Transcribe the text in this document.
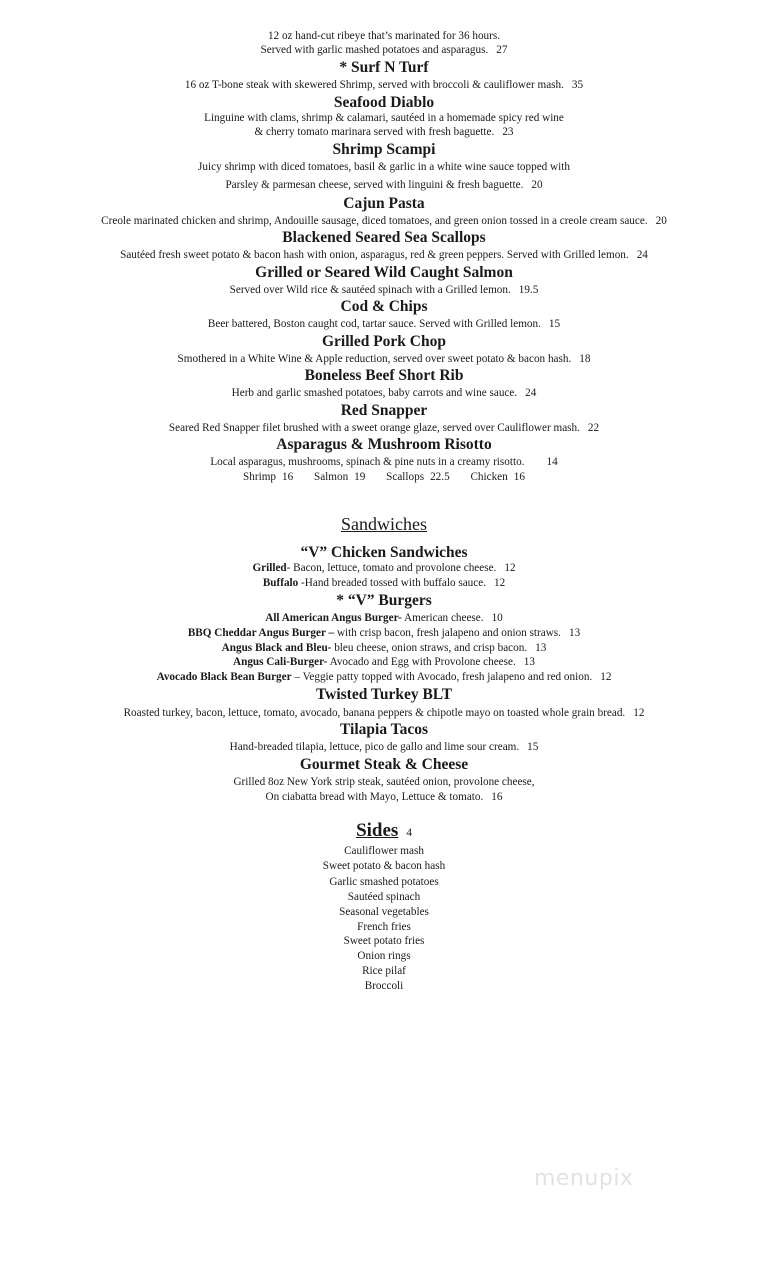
12 oz hand-cut ribeye that’s marinated for 36 hours.
Served with garlic mashed potatoes and asparagus. 27
* Surf N Turf
16 oz T-bone steak with skewered Shrimp, served with broccoli & cauliflower mash. 35
Seafood Diablo
Linguine with clams, shrimp & calamari, sautéed in a homemade spicy red wine
& cherry tomato marinara served with fresh baguette. 23
Shrimp Scampi
Juicy shrimp with diced tomatoes, basil & garlic in a white wine sauce topped with
Parsley & parmesan cheese, served with linguini & fresh baguette. 20
Cajun Pasta
Creole marinated chicken and shrimp, Andouille sausage, diced tomatoes, and green onion tossed in a creole cream sauce. 20
Blackened Seared Sea Scallops
Sautéed fresh sweet potato & bacon hash with onion, asparagus, red & green peppers. Served with Grilled lemon. 24
Grilled or Seared Wild Caught Salmon
Served over Wild rice & sautéed spinach with a Grilled lemon. 19.5
Cod & Chips
Beer battered, Boston caught cod, tartar sauce. Served with Grilled lemon. 15
Grilled Pork Chop
Smothered in a White Wine & Apple reduction, served over sweet potato & bacon hash. 18
Boneless Beef Short Rib
Herb and garlic smashed potatoes, baby carrots and wine sauce. 24
Red Snapper
Seared Red Snapper filet brushed with a sweet orange glaze, served over Cauliflower mash. 22
Asparagus & Mushroom Risotto
Local asparagus, mushrooms, spinach & pine nuts in a creamy risotto. 14
Shrimp 16 Salmon 19 Scallops 22.5 Chicken 16
Sandwiches
“V” Chicken Sandwiches
Grilled- Bacon, lettuce, tomato and provolone cheese. 12
Buffalo -Hand breaded tossed with buffalo sauce. 12
* “V” Burgers
All American Angus Burger- American cheese. 10
BBQ Cheddar Angus Burger – with crisp bacon, fresh jalapeno and onion straws. 13
Angus Black and Bleu- bleu cheese, onion straws, and crisp bacon. 13
Angus Cali-Burger- Avocado and Egg with Provolone cheese. 13
Avocado Black Bean Burger – Veggie patty topped with Avocado, fresh jalapeno and red onion. 12
Twisted Turkey BLT
Roasted turkey, bacon, lettuce, tomato, avocado, banana peppers & chipotle mayo on toasted whole grain bread. 12
Tilapia Tacos
Hand-breaded tilapia, lettuce, pico de gallo and lime sour cream. 15
Gourmet Steak & Cheese
Grilled 8oz New York strip steak, sautéed onion, provolone cheese,
On ciabatta bread with Mayo, Lettuce & tomato. 16
Sides 4
Cauliflower mash
Sweet potato & bacon hash
Garlic smashed potatoes
Sautéed spinach
Seasonal vegetables
French fries
Sweet potato fries
Onion rings
Rice pilaf
Broccoli
menupix
